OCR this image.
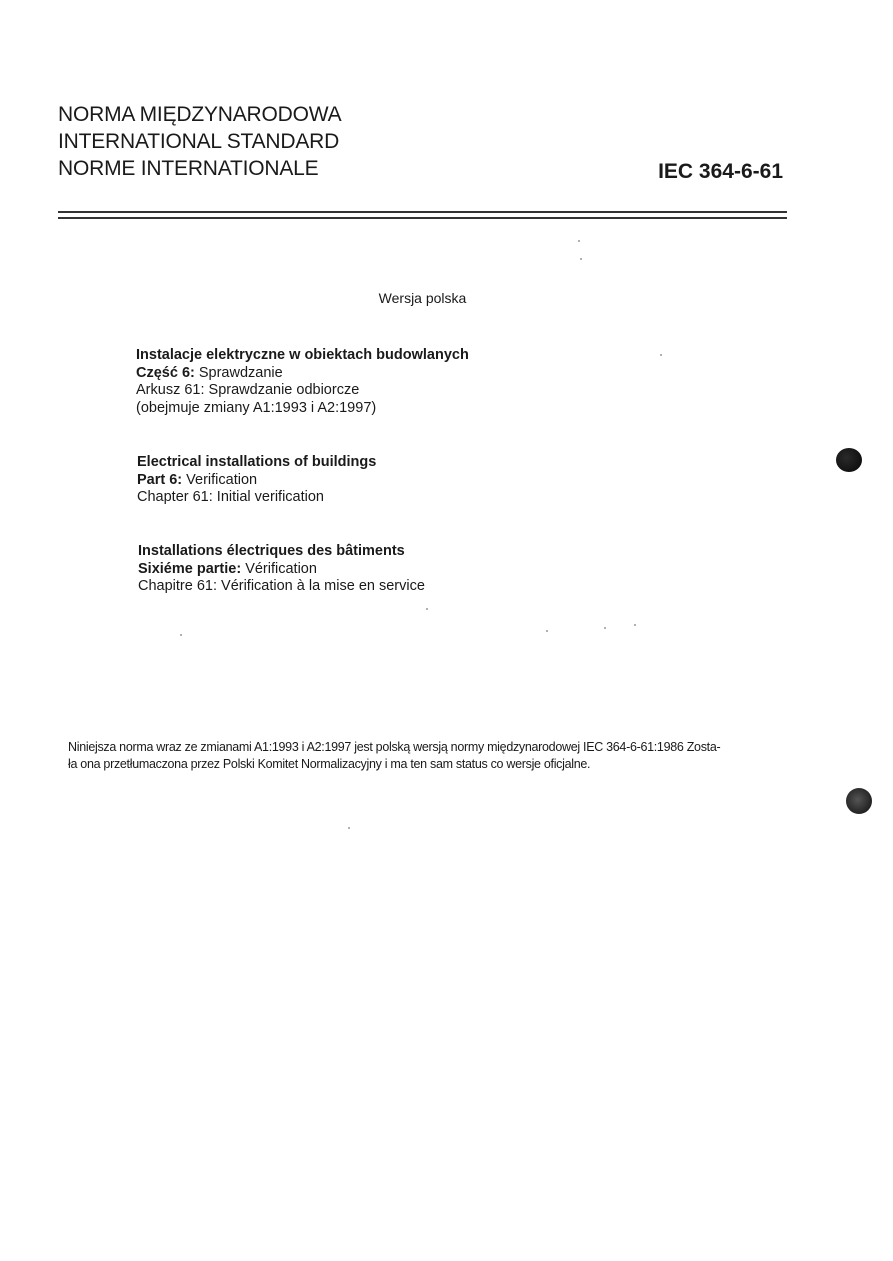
NORMA MIĘDZYNARODOWA
INTERNATIONAL STANDARD
NORME INTERNATIONALE	IEC 364-6-61
Wersja polska
Instalacje elektryczne w obiektach budowlanych
Część 6: Sprawdzanie
Arkusz 61: Sprawdzanie odbiorcze
(obejmuje zmiany A1:1993 i A2:1997)
Electrical installations of buildings
Part 6: Verification
Chapter 61: Initial verification
Installations électriques des bâtiments
Sixiéme partie: Vérification
Chapitre 61: Vérification à la mise en service
Niniejsza norma wraz ze zmianami A1:1993 i A2:1997 jest polską wersją normy międzynarodowej IEC 364-6-61:1986 Zosta-
ła ona przetłumaczona przez Polski Komitet Normalizacyjny i ma ten sam status co wersje oficjalne.
